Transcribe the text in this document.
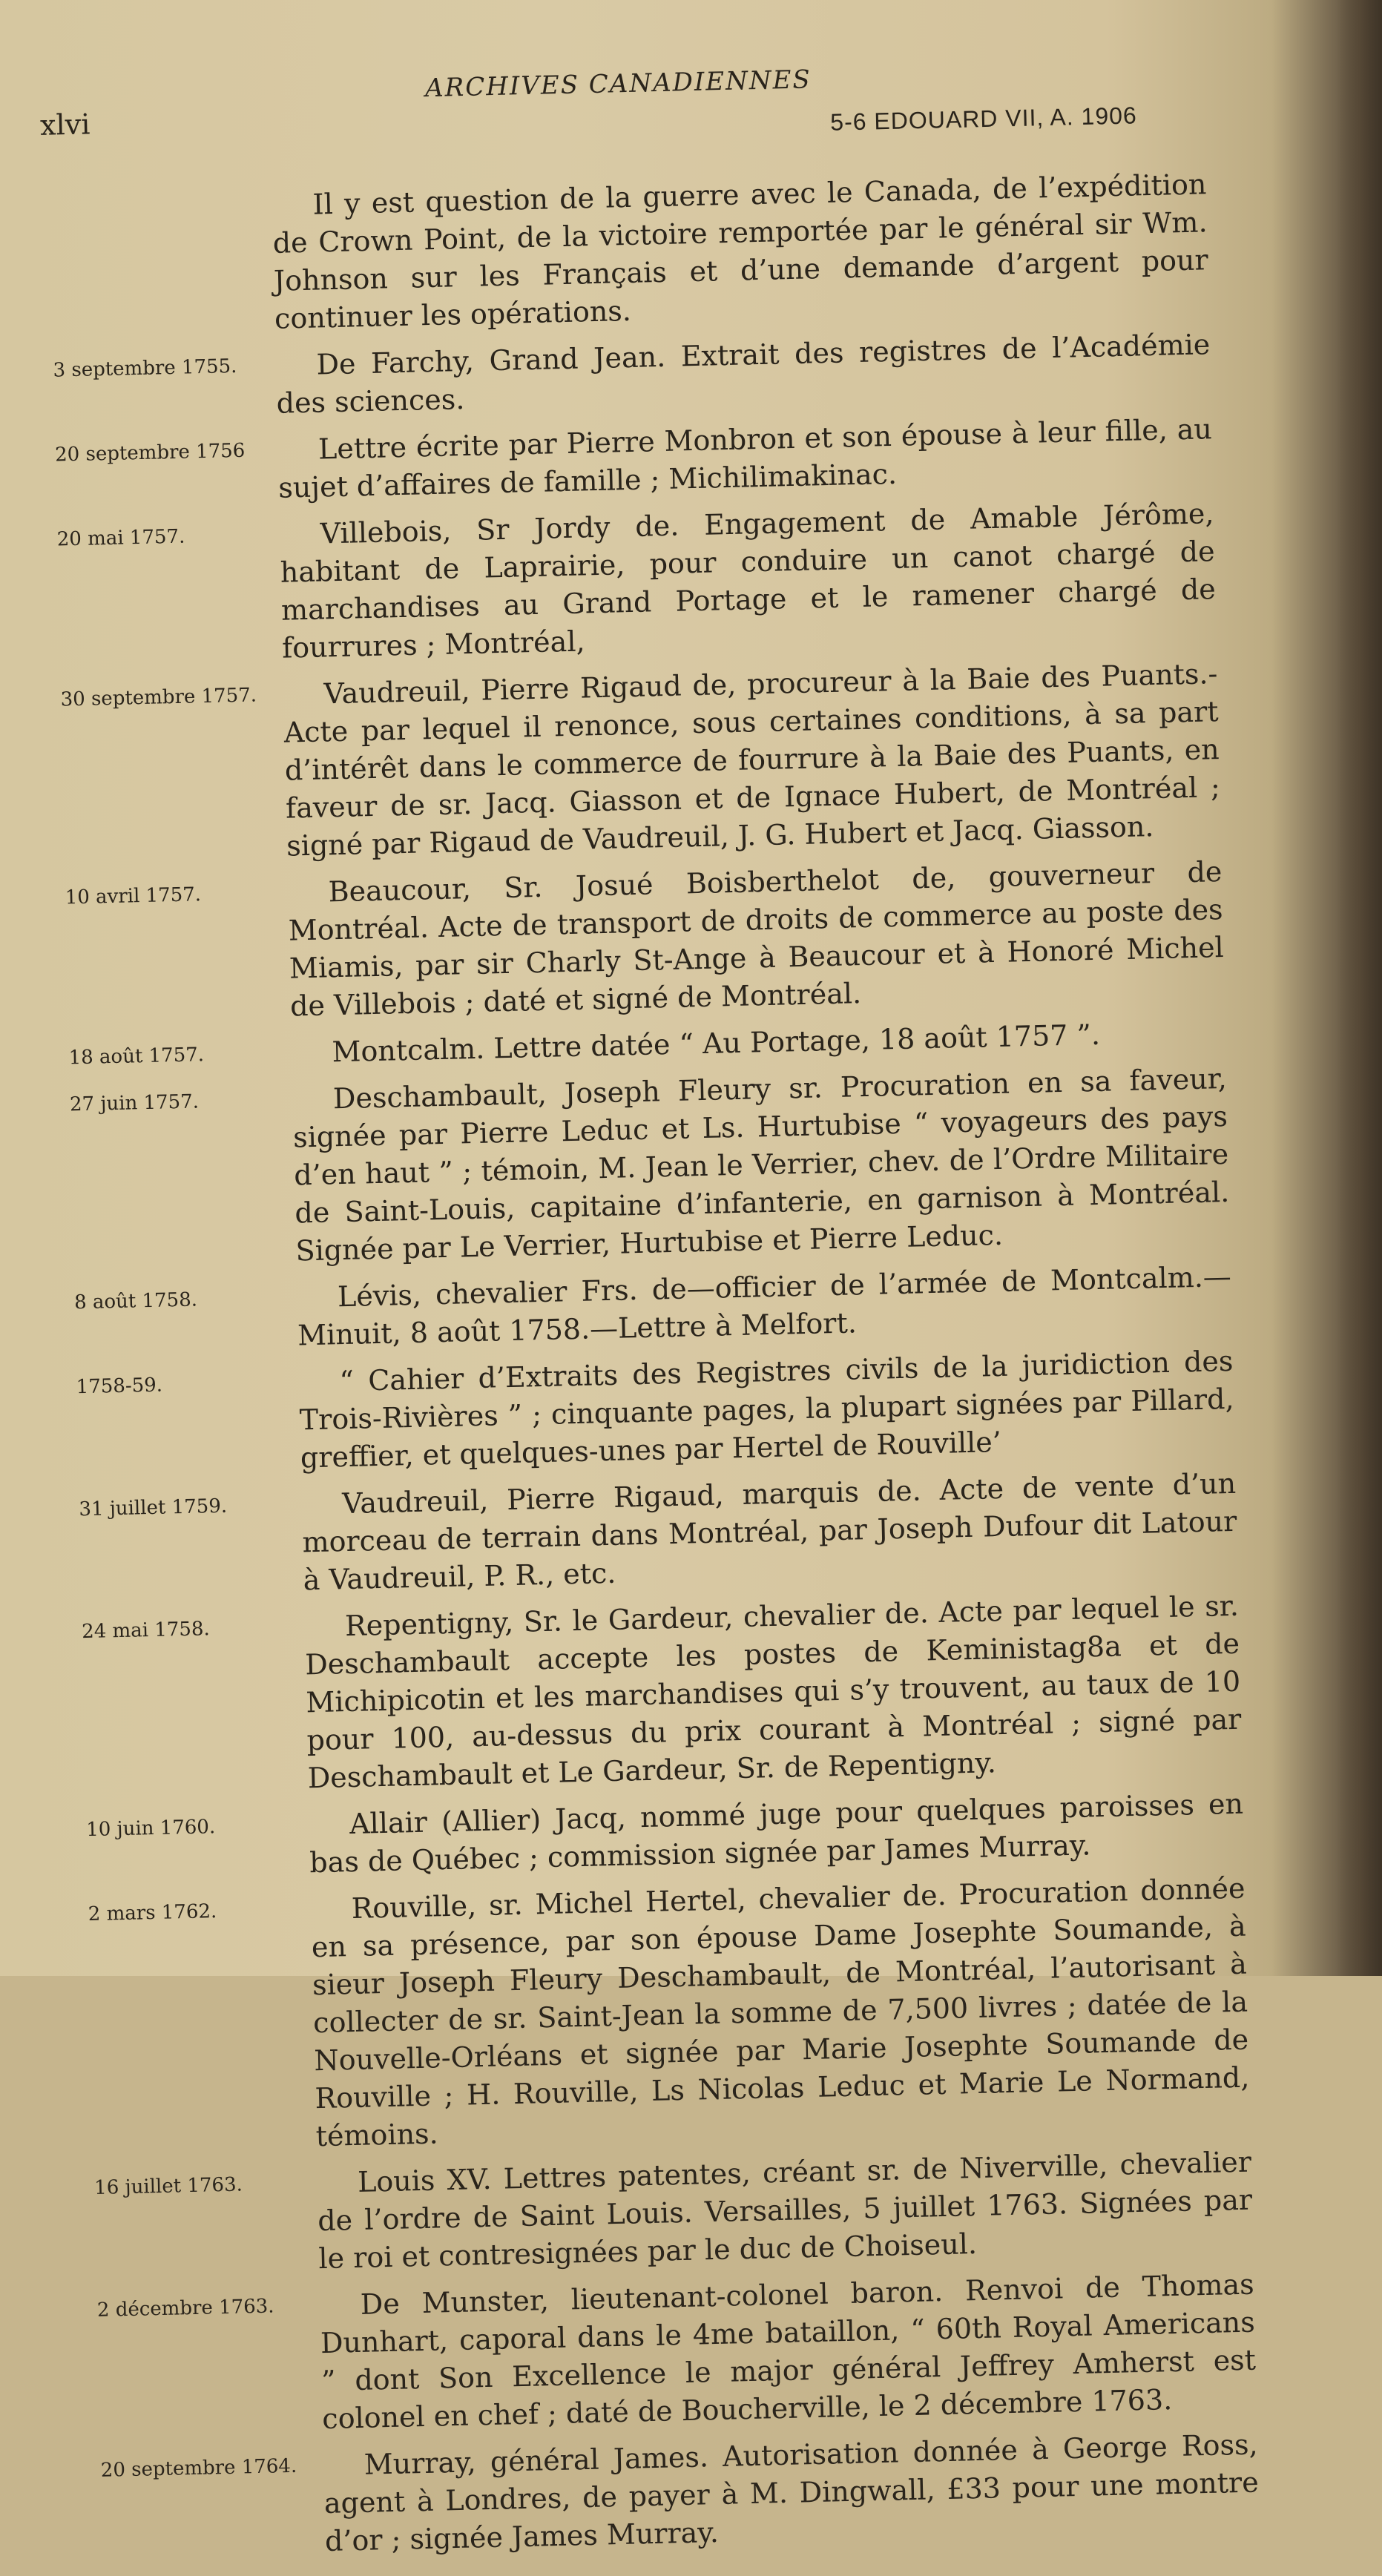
xlvi
ARCHIVES CANADIENNES
5-6 EDOUARD VII, A. 1906
Il y est question de la guerre avec le Canada, de l’expédition de Crown Point, de la victoire remportée par le général sir Wm. Johnson sur les Français et d’une demande d’argent pour continuer les opérations.
3 septembre 1755.	De Farchy, Grand Jean. Extrait des registres de l’Académie des sciences.
20 septembre 1756	Lettre écrite par Pierre Monbron et son épouse à leur fille, au sujet d’affaires de famille ; Michilimakinac.
20 mai 1757.	Villebois, Sr Jordy de. Engagement de Amable Jérôme, habitant de Laprairie, pour conduire un canot chargé de marchandises au Grand Portage et le ramener chargé de fourrures ; Montréal,
30 septembre 1757.	Vaudreuil, Pierre Rigaud de, procureur à la Baie des Puants.- Acte par lequel il renonce, sous certaines conditions, à sa part d’intérêt dans le commerce de fourrure à la Baie des Puants, en faveur de sr. Jacq. Giasson et de Ignace Hubert, de Montréal ; signé par Rigaud de Vaudreuil, J. G. Hubert et Jacq. Giasson.
10 avril 1757.	Beaucour, Sr. Josué Boisberthelot de, gouverneur de Montréal. Acte de transport de droits de commerce au poste des Miamis, par sir Charly St-Ange à Beaucour et à Honoré Michel de Villebois ; daté et signé de Montréal.
18 août 1757.	Montcalm. Lettre datée “ Au Portage, 18 août 1757 ”.
27 juin 1757.	Deschambault, Joseph Fleury sr. Procuration en sa faveur, signée par Pierre Leduc et Ls. Hurtubise “ voyageurs des pays d’en haut ” ; témoin, M. Jean le Verrier, chev. de l’Ordre Militaire de Saint-Louis, capitaine d’infanterie, en garnison à Montréal. Signée par Le Verrier, Hurtubise et Pierre Leduc.
8 août 1758.	Lévis, chevalier Frs. de—officier de l’armée de Montcalm.—Minuit, 8 août 1758.—Lettre à Melfort.
1758-59.	“ Cahier d’Extraits des Registres civils de la juridiction des Trois-Rivières ” ; cinquante pages, la plupart signées par Pillard, greffier, et quelques-unes par Hertel de Rouville’
31 juillet 1759.	Vaudreuil, Pierre Rigaud, marquis de. Acte de vente d’un morceau de terrain dans Montréal, par Joseph Dufour dit Latour à Vaudreuil, P. R., etc.
24 mai 1758.	Repentigny, Sr. le Gardeur, chevalier de. Acte par lequel le sr. Deschambault accepte les postes de Keministag8a et de Michipicotin et les marchandises qui s’y trouvent, au taux de 10 pour 100, au-dessus du prix courant à Montréal ; signé par Deschambault et Le Gardeur, Sr. de Repentigny.
10 juin 1760.	Allair (Allier) Jacq, nommé juge pour quelques paroisses en bas de Québec ; commission signée par James Murray.
2 mars 1762.	Rouville, sr. Michel Hertel, chevalier de. Procuration donnée en sa présence, par son épouse Dame Josephte Soumande, à sieur Joseph Fleury Deschambault, de Montréal, l’autorisant à collecter de sr. Saint-Jean la somme de 7,500 livres ; datée de la Nouvelle-Orléans et signée par Marie Josephte Soumande de Rouville ; H. Rouville, Ls Nicolas Leduc et Marie Le Normand, témoins.
16 juillet 1763.	Louis XV. Lettres patentes, créant sr. de Niverville, chevalier de l’ordre de Saint Louis. Versailles, 5 juillet 1763. Signées par le roi et contresignées par le duc de Choiseul.
2 décembre 1763.	De Munster, lieutenant-colonel baron. Renvoi de Thomas Dunhart, caporal dans le 4me bataillon, “ 60th Royal Americans ” dont Son Excellence le major général Jeffrey Amherst est colonel en chef ; daté de Boucherville, le 2 décembre 1763.
20 septembre 1764.	Murray, général James. Autorisation donnée à George Ross, agent à Londres, de payer à M. Dingwall, £33 pour une montre d’or ; signée James Murray.
